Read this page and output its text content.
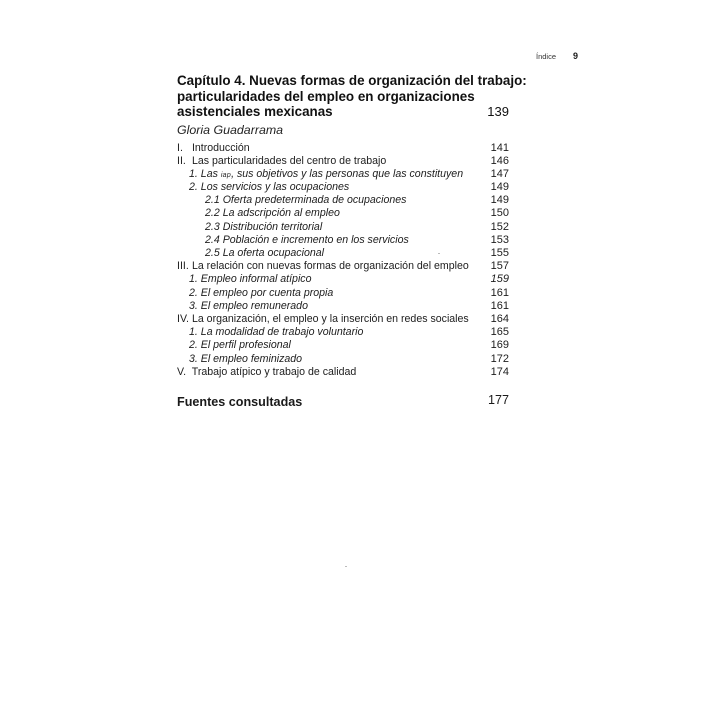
Índice 9
Capítulo 4. Nuevas formas de organización del trabajo:
particularidades del empleo en organizaciones
asistenciales mexicanas	139
Gloria Guadarrama
I. Introducción	141
II. Las particularidades del centro de trabajo	146
1. Las iap, sus objetivos y las personas que las constituyen	147
2. Los servicios y las ocupaciones	149
2.1 Oferta predeterminada de ocupaciones	149
2.2 La adscripción al empleo	150
2.3 Distribución territorial	152
2.4 Población e incremento en los servicios	153
2.5 La oferta ocupacional	155
III. La relación con nuevas formas de organización del empleo 157
1. Empleo informal atípico	159
2. El empleo por cuenta propia	161
3. El empleo remunerado	161
IV. La organización, el empleo y la inserción en redes sociales 164
1. La modalidad de trabajo voluntario	165
2. El perfil profesional	169
3. El empleo feminizado	172
V. Trabajo atípico y trabajo de calidad	174
Fuentes consultadas	177
